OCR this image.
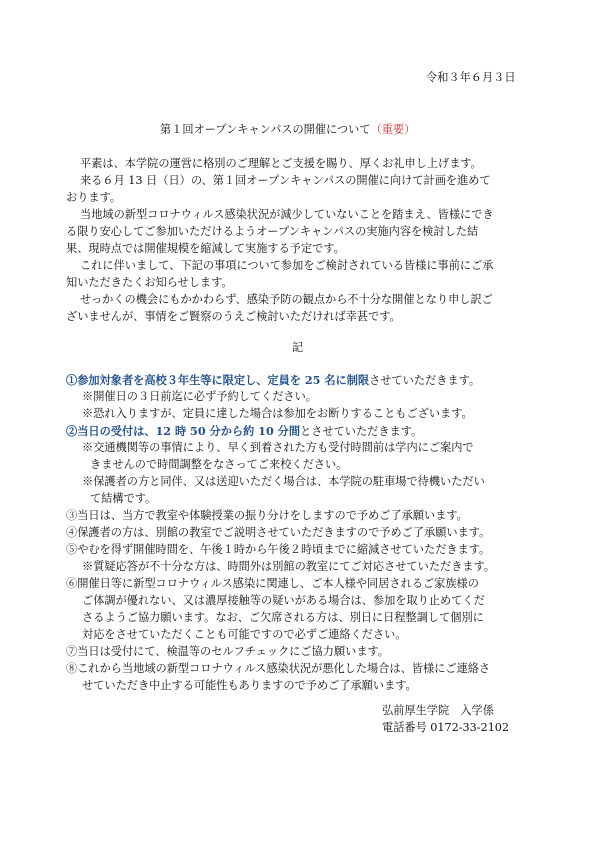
令和３年６月３日
第１回オープンキャンパスの開催について（重要）
平素は、本学院の運営に格別のご理解とご支援を賜り、厚くお礼申し上げます。
来る６月 13 日（日）の、第１回オープンキャンパスの開催に向けて計画を進めて
おります。
当地域の新型コロナウィルス感染状況が減少していないことを踏まえ、皆様にでき
る限り安心してご参加いただけるようオープンキャンパスの実施内容を検討した結
果、現時点では開催規模を縮減して実施する予定です。
これに伴いまして、下記の事項について参加をご検討されている皆様に事前にご承
知いただきたくお知らせします。
せっかくの機会にもかかわらず、感染予防の観点から不十分な開催となり申し訳ご
ざいませんが、事情をご賢察のうえご検討いただければ幸甚です。
記
①参加対象者を高校３年生等に限定し、定員を 25 名に制限させていただきます。
※開催日の３日前迄に必ず予約してください。
※恐れ入りますが、定員に達した場合は参加をお断りすることもございます。
②当日の受付は、12 時 50 分から約 10 分間とさせていただきます。
※交通機関等の事情により、早く到着された方も受付時間前は学内にご案内で
きませんので時間調整をなさってご来校ください。
※保護者の方と同伴、又は送迎いただく場合は、本学院の駐車場で待機いただい
て結構です。
③当日は、当方で教室や体験授業の振り分けをしますので予めご了承願います。
④保護者の方は、別館の教室でご説明させていただきますので予めご了承願います。
⑤やむを得ず開催時間を、午後１時から午後２時頃までに縮減させていただきます。
※質疑応答が不十分な方は、時間外は別館の教室にてご対応させていただきます。
⑥開催日等に新型コロナウィルス感染に関連し、ご本人様や同居されるご家族様の
ご体調が優れない、又は濃厚接触等の疑いがある場合は、参加を取り止めてくだ
さるようご協力願います。なお、ご欠席される方は、別日に日程整調して個別に
対応をさせていただくことも可能ですので必ずご連絡ください。
⑦当日は受付にて、検温等のセルフチェックにご協力願います。
⑧これから当地域の新型コロナウィルス感染状況が悪化した場合は、皆様にご連絡さ
せていただき中止する可能性もありますので予めご了承願います。
弘前厚生学院　入学係
電話番号 0172-33-2102
